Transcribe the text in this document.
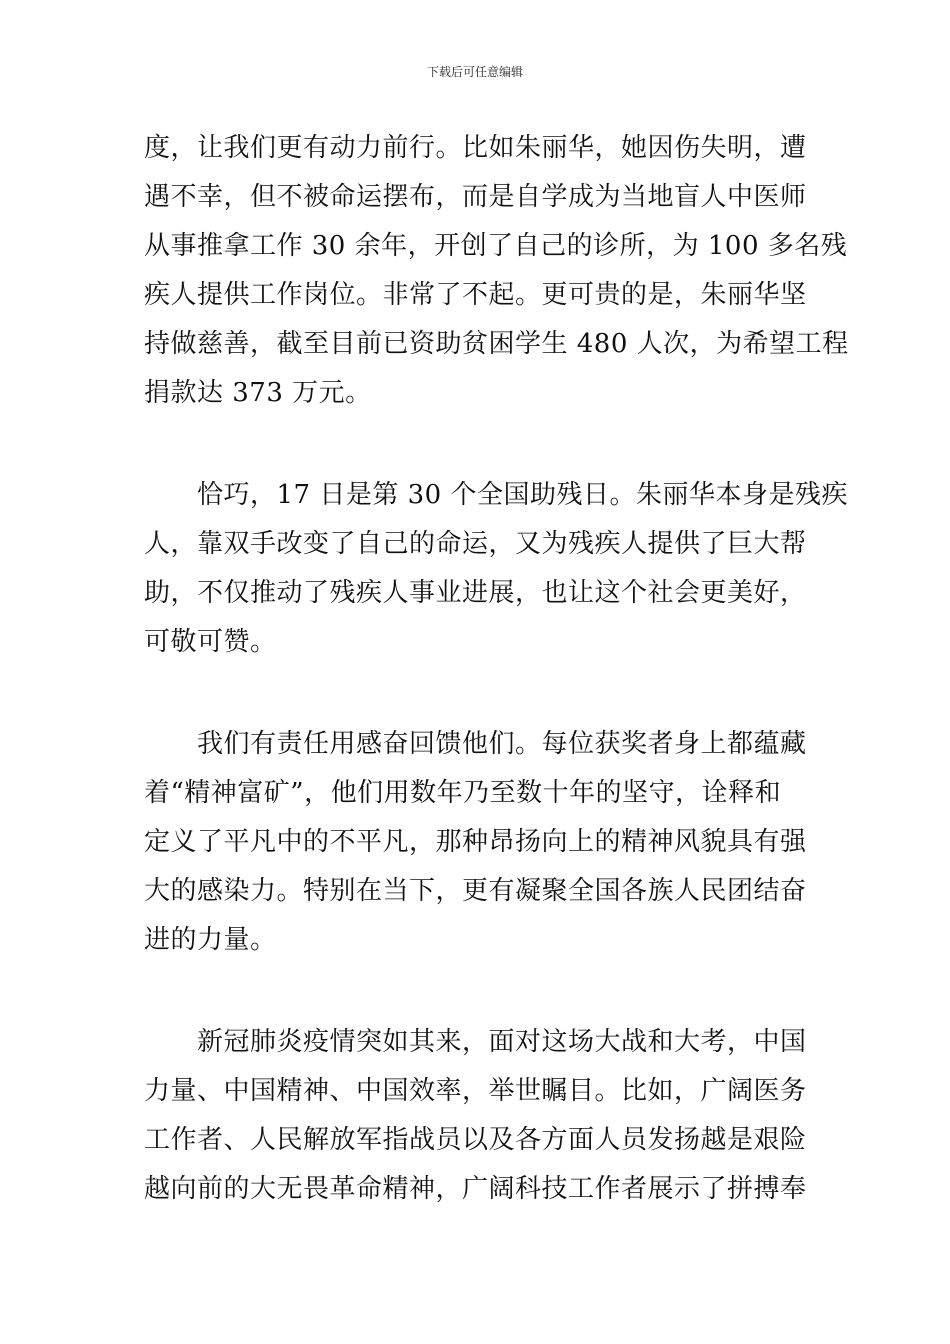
下载后可任意编辑

度，让我们更有动力前行。比如朱丽华，她因伤失明，遭
遇不幸，但不被命运摆布，而是自学成为当地盲人中医师
从事推拿工作 30 余年，开创了自己的诊所，为 100 多名残
疾人提供工作岗位。非常了不起。更可贵的是，朱丽华坚
持做慈善，截至目前已资助贫困学生 480 人次，为希望工程
捐款达 373 万元。

恰巧，17 日是第 30 个全国助残日。朱丽华本身是残疾
人，靠双手改变了自己的命运，又为残疾人提供了巨大帮
助，不仅推动了残疾人事业进展，也让这个社会更美好，
可敬可赞。

我们有责任用感奋回馈他们。每位获奖者身上都蕴藏
着“精神富矿”，他们用数年乃至数十年的坚守，诠释和
定义了平凡中的不平凡，那种昂扬向上的精神风貌具有强
大的感染力。特别在当下，更有凝聚全国各族人民团结奋
进的力量。

新冠肺炎疫情突如其来，面对这场大战和大考，中国
力量、中国精神、中国效率，举世瞩目。比如，广阔医务
工作者、人民解放军指战员以及各方面人员发扬越是艰险
越向前的大无畏革命精神，广阔科技工作者展示了拼搏奉
